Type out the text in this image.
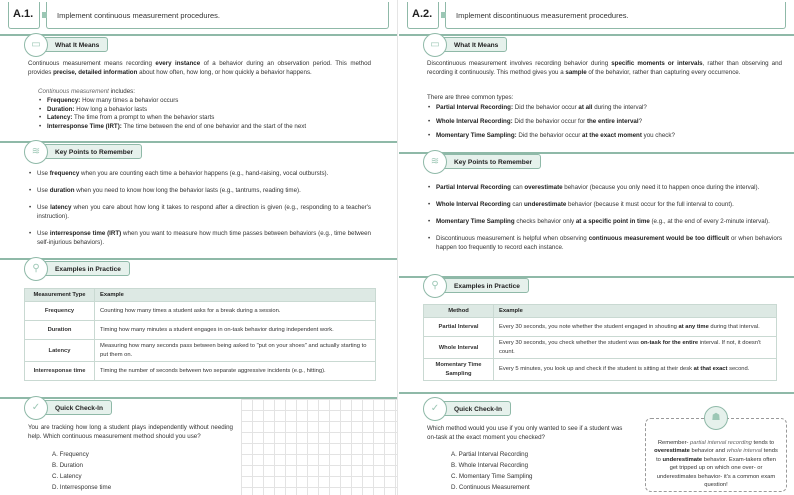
A.1.	Implement continuous measurement procedures.
What It Means
▭

Continuous measurement means recording every instance of a behavior during an observation period. This method provides precise, detailed information about how often, how long, or how quickly a behavior happens.

Continuous measurement includes:

• Frequency: How many times a behavior occurs
• Duration: How long a behavior lasts
• Latency: The time from a prompt to when the behavior starts
• Interresponse Time (IRT): The time between the end of one behavior and the start of the next
Key Points to Remember
≋
• Use frequency when you are counting each time a behavior happens (e.g., hand-raising, vocal outbursts).
• Use duration when you need to know how long the behavior lasts (e.g., tantrums, reading time).
• Use latency when you care about how long it takes to respond after a direction is given (e.g., responding to a teacher's instruction).
• Use interresponse time (IRT) when you want to measure how much time passes between behaviors (e.g., time between self-injurious behaviors).
Examples in Practice
⚲
Measurement Type	Example
Frequency	Counting how many times a student asks for a break during a session.
Duration	Timing how many minutes a student engages in on-task behavior during independent work.
Latency	Measuring how many seconds pass between being asked to "put on your shoes" and actually starting to put them on.
Interresponse time	Timing the number of seconds between two separate aggressive incidents (e.g., hitting).
Quick Check-In
✓

You are tracking how long a student plays independently without needing help. Which continuous measurement method should you use?

A. Frequency
B. Duration
C. Latency
D. Interresponse time
A.2.	Implement discontinuous measurement procedures.
What It Means
▭

Discontinuous measurement involves recording behavior during specific moments or intervals, rather than observing and recording it continuously. This method gives you a sample of the behavior, rather than capturing every occurrence.

There are three common types:

• Partial Interval Recording: Did the behavior occur at all during the interval?
• Whole Interval Recording: Did the behavior occur for the entire interval?
• Momentary Time Sampling: Did the behavior occur at the exact moment you check?
Key Points to Remember
≋
• Partial Interval Recording can overestimate behavior (because you only need it to happen once during the interval).
• Whole Interval Recording can underestimate behavior (because it must occur for the full interval to count).
• Momentary Time Sampling checks behavior only at a specific point in time (e.g., at the end of every 2-minute interval).
• Discontinuous measurement is helpful when observing continuous measurement would be too difficult or when behaviors happen too frequently to record each instance.
Examples in Practice
⚲
Method	Example
Partial Interval	Every 30 seconds, you note whether the student engaged in shouting at any time during that interval.
Whole Interval	Every 30 seconds, you check whether the student was on-task for the entire interval. If not, it doesn't count.
Momentary Time Sampling	Every 5 minutes, you look up and check if the student is sitting at their desk at that exact second.
Quick Check-In
✓

Which method would you use if you only wanted to see if a student was on-task at the exact moment you checked?

A. Partial Interval Recording
B. Whole Interval Recording
C. Momentary Time Sampling
D. Continuous Measurement
Remember- partial interval recording tends to overestimate behavior and whole interval tends to underestimate behavior. Exam-takers often get tripped up on which one over- or underestimates behavior- it's a common exam question!
☗
